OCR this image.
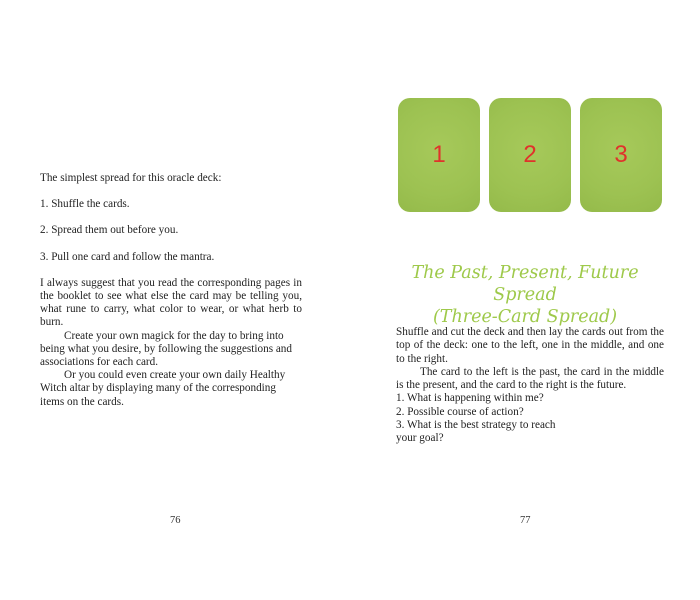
The simplest spread for this oracle deck:

1. Shuffle the cards.

2. Spread them out before you.

3. Pull one card and follow the mantra.

I always suggest that you read the corresponding pages in the booklet to see what else the card may be telling you, what rune to carry, what color to wear, or what herb to burn.

Create your own magick for the day to bring into being what you desire, by following the suggestions and associations for each card.

Or you could even create your own daily Healthy Witch altar by displaying many of the corresponding items on the cards.

76
1	2	3
The Past, Present, Future Spread
(Three-Card Spread)

Shuffle and cut the deck and then lay the cards out from the top of the deck: one to the left, one in the middle, and one to the right.

The card to the left is the past, the card in the middle is the present, and the card to the right is the future.

1. What is happening within me?

2. Possible course of action?

3. What is the best strategy to reach your goal?

77
